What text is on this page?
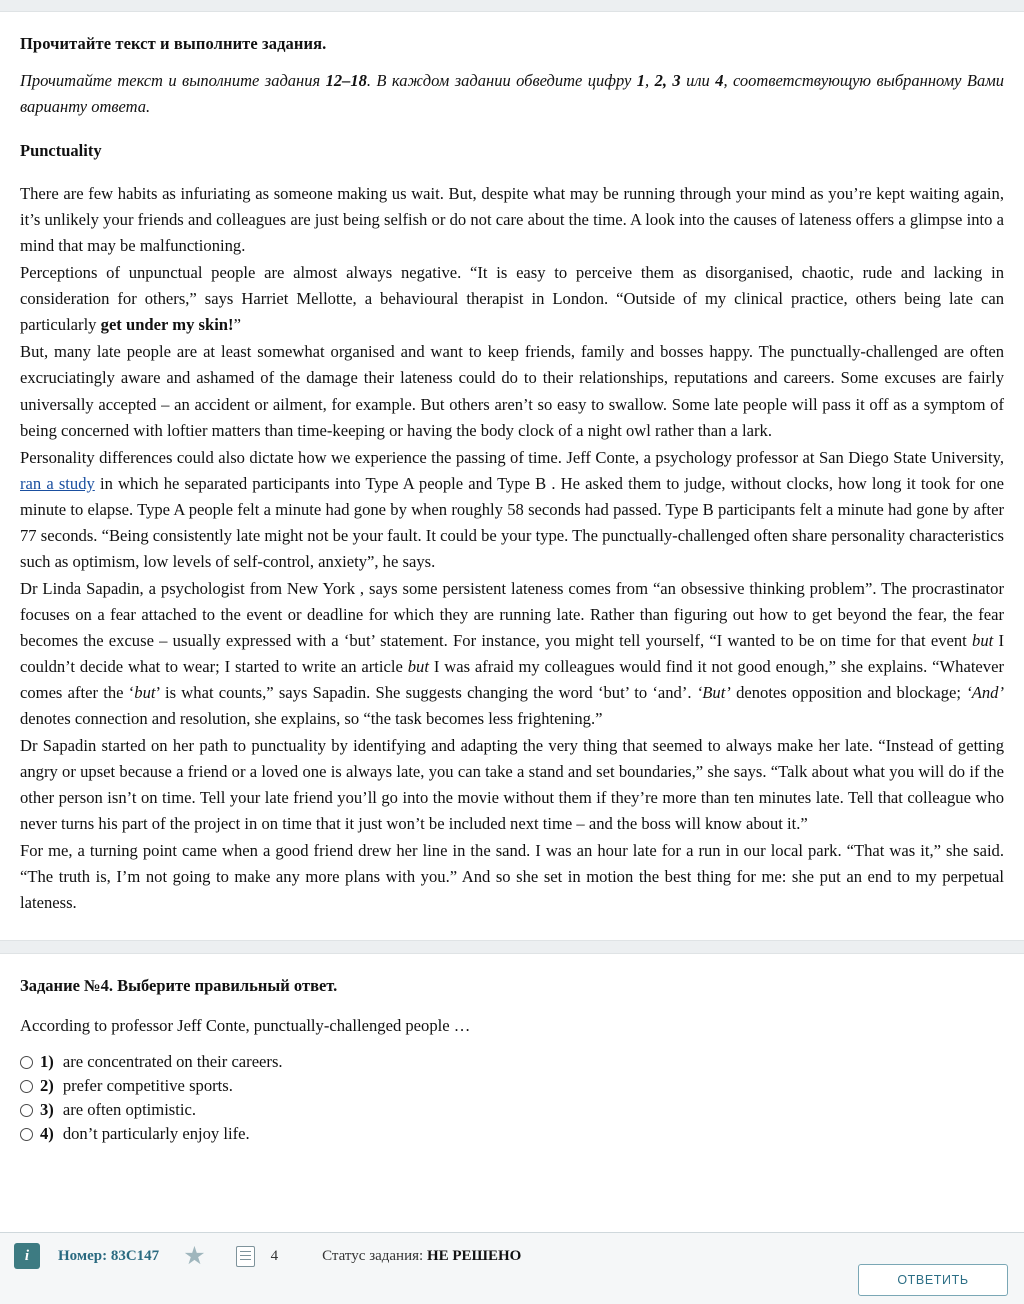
Прочитайте текст и выполните задания.

Прочитайте текст и выполните задания 12–18. В каждом задании обведите цифру 1, 2, 3 или 4, соответствующую выбранному Вами варианту ответа.

Punctuality

There are few habits as infuriating as someone making us wait. But, despite what may be running through your mind as you’re kept waiting again, it’s unlikely your friends and colleagues are just being selfish or do not care about the time. A look into the causes of lateness offers a glimpse into a mind that may be malfunctioning.

Perceptions of unpunctual people are almost always negative. “It is easy to perceive them as disorganised, chaotic, rude and lacking in consideration for others,” says Harriet Mellotte, a behavioural therapist in London. “Outside of my clinical practice, others being late can particularly get under my skin!”

But, many late people are at least somewhat organised and want to keep friends, family and bosses happy. The punctually-challenged are often excruciatingly aware and ashamed of the damage their lateness could do to their relationships, reputations and careers. Some excuses are fairly universally accepted – an accident or ailment, for example. But others aren’t so easy to swallow. Some late people will pass it off as a symptom of being concerned with loftier matters than time-keeping or having the body clock of a night owl rather than a lark.

Personality differences could also dictate how we experience the passing of time. Jeff Conte, a psychology professor at San Diego State University, ran a study in which he separated participants into Type A people and Type B . He asked them to judge, without clocks, how long it took for one minute to elapse. Type A people felt a minute had gone by when roughly 58 seconds had passed. Type B participants felt a minute had gone by after 77 seconds. “Being consistently late might not be your fault. It could be your type. The punctually-challenged often share personality characteristics such as optimism, low levels of self-control, anxiety”, he says.

Dr Linda Sapadin, a psychologist from New York , says some persistent lateness comes from “an obsessive thinking problem”. The procrastinator focuses on a fear attached to the event or deadline for which they are running late. Rather than figuring out how to get beyond the fear, the fear becomes the excuse – usually expressed with a ‘but’ statement. For instance, you might tell yourself, “I wanted to be on time for that event but I couldn’t decide what to wear; I started to write an article but I was afraid my colleagues would find it not good enough,” she explains. “Whatever comes after the ‘but’ is what counts,” says Sapadin. She suggests changing the word ‘but’ to ‘and’. ‘But’ denotes opposition and blockage; ‘And’ denotes connection and resolution, she explains, so “the task becomes less frightening.”

Dr Sapadin started on her path to punctuality by identifying and adapting the very thing that seemed to always make her late. “Instead of getting angry or upset because a friend or a loved one is always late, you can take a stand and set boundaries,” she says. “Talk about what you will do if the other person isn’t on time. Tell your late friend you’ll go into the movie without them if they’re more than ten minutes late. Tell that colleague who never turns his part of the project in on time that it just won’t be included next time – and the boss will know about it.”

For me, a turning point came when a good friend drew her line in the sand. I was an hour late for a run in our local park. “That was it,” she said. “The truth is, I’m not going to make any more plans with you.” And so she set in motion the best thing for me: she put an end to my perpetual lateness.

Задание №4. Выберите правильный ответ.
According to professor Jeff Conte, punctually-challenged people …
1) are concentrated on their careers.
2) prefer competitive sports.
3) are often optimistic.
4) don’t particularly enjoy life.
i	Номер: 83C147 ★	4	Статус задания: НЕ РЕШЕНО
ОТВЕТИТЬ
